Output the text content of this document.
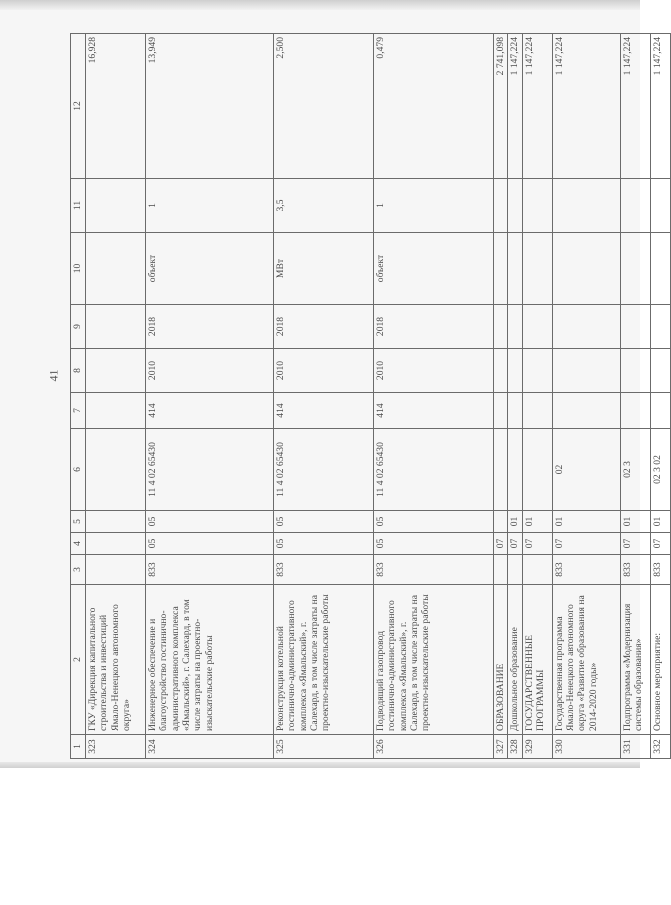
41
1	2	3	4	5	6	7	8	9	10	11	12
323	ГКУ «Дирекция капитального строительства и инвестиций Ямало-Ненецкого автономного округа»										16,928
324	Инженерное обеспечение и благоустройство гостинично-административного комплекса «Ямальский», г. Салехард, в том числе затраты на проектно-изыскательские работы	833	05	05	11 4 02 65430	414	2010	2018	объект	1	13,949
325	Реконструкция котельной гостинично-административного комплекса «Ямальский», г. Салехард, в том числе затраты на проектно-изыскательские работы	833	05	05	11 4 02 65430	414	2010	2018	МВт	3,5	2,500
326	Подводящий газопровод гостинично-административного комплекса «Ямальский», г. Салехард, в том числе затраты на проектно-изыскательские работы	833	05	05	11 4 02 65430	414	2010	2018	объект	1	0,479
327	ОБРАЗОВАНИЕ		07								2 741,098
328	Дошкольное образование		07	01							1 147,224
329	ГОСУДАРСТВЕННЫЕ ПРОГРАММЫ		07	01							1 147,224
330	Государственная программа Ямало-Ненецкого автономного округа «Развитие образования на 2014-2020 годы»	833	07	01	02						1 147,224
331	Подпрограмма «Модернизация системы образования»	833	07	01	02 3						1 147,224
332	Основное мероприятие:	833	07	01	02 3 02						1 147,224
